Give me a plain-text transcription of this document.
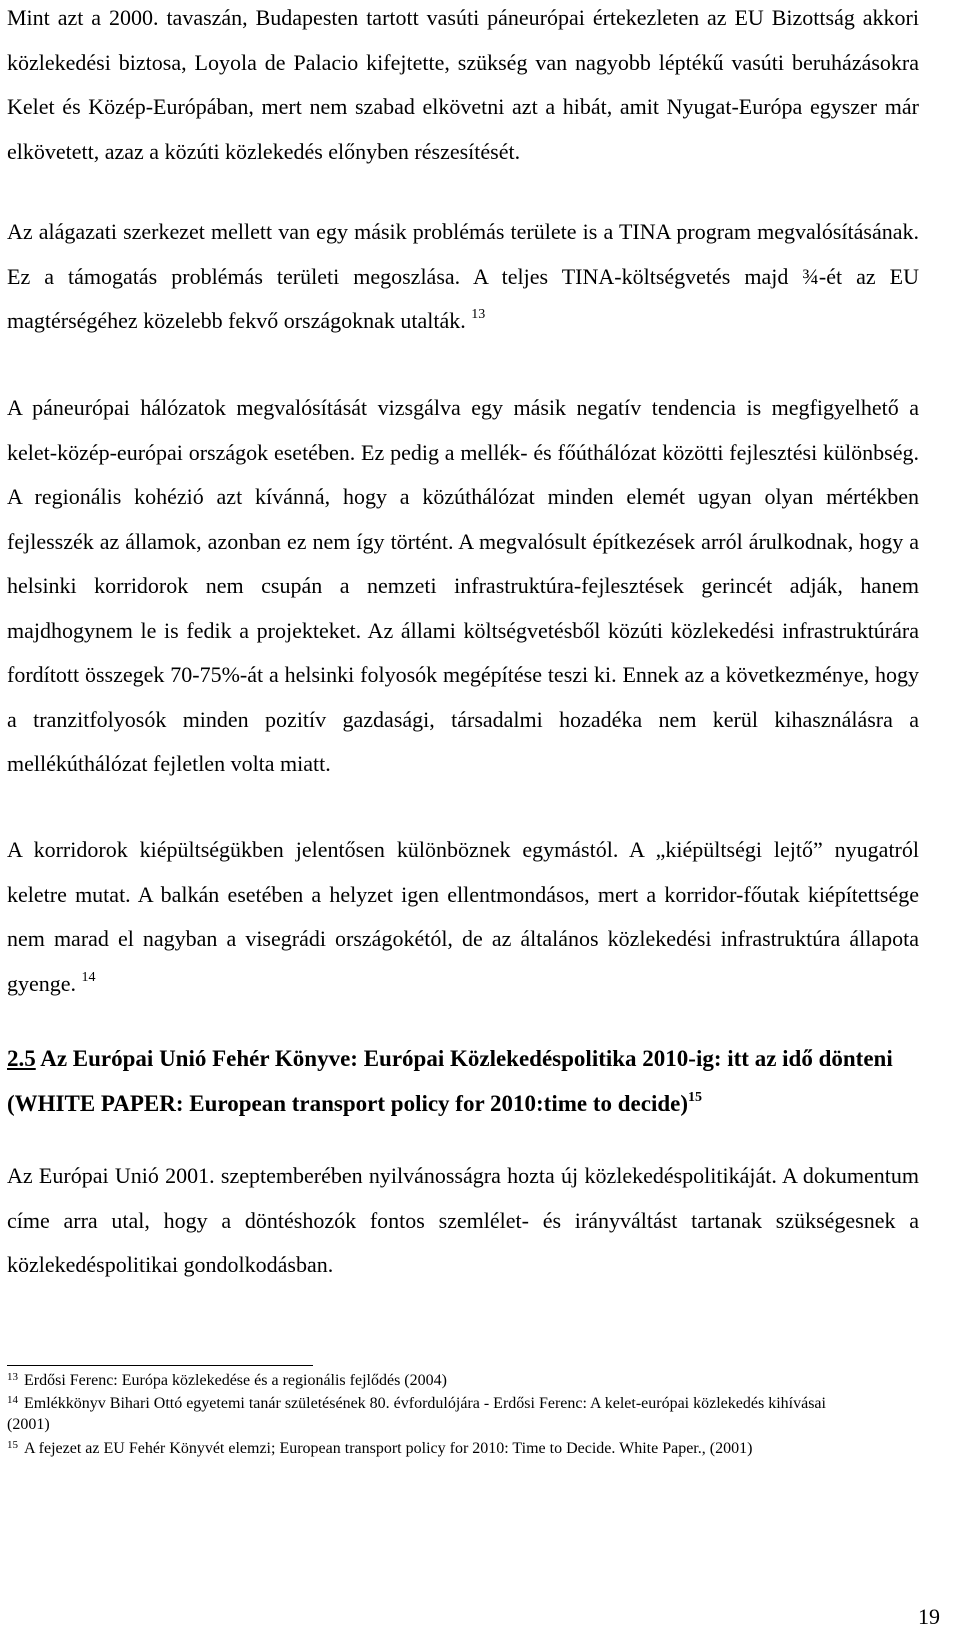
Mint azt a 2000. tavaszán, Budapesten tartott vasúti páneurópai értekezleten az EU Bizottság akkori közlekedési biztosa, Loyola de Palacio kifejtette, szükség van nagyobb léptékű vasúti beruházásokra Kelet és Közép-Európában, mert nem szabad elkövetni azt a hibát, amit Nyugat-Európa egyszer már elkövetett, azaz a közúti közlekedés előnyben részesítését.

Az alágazati szerkezet mellett van egy másik problémás területe is a TINA program megvalósításának. Ez a támogatás problémás területi megoszlása. A teljes TINA-költségvetés majd ¾-ét az EU magtérségéhez közelebb fekvő országoknak utalták. $^{13}$

A páneurópai hálózatok megvalósítását vizsgálva egy másik negatív tendencia is megfigyelhető a kelet-közép-európai országok esetében. Ez pedig a mellék- és főúthálózat közötti fejlesztési különbség. A regionális kohézió azt kívánná, hogy a közúthálózat minden elemét ugyan olyan mértékben fejlesszék az államok, azonban ez nem így történt. A megvalósult építkezések arról árulkodnak, hogy a helsinki korridorok nem csupán a nemzeti infrastruktúra-fejlesztések gerincét adják, hanem majdhogynem le is fedik a projekteket. Az állami költségvetésből közúti közlekedési infrastruktúrára fordított összegek 70-75%-át a helsinki folyosók megépítése teszi ki. Ennek az a következménye, hogy a tranzitfolyosók minden pozitív gazdasági, társadalmi hozadéka nem kerül kihasználásra a mellékúthálózat fejletlen volta miatt.

A korridorok kiépültségükben jelentősen különböznek egymástól. A „kiépültségi lejtő” nyugatról keletre mutat. A balkán esetében a helyzet igen ellentmondásos, mert a korridor-főutak kiépítettsége nem marad el nagyban a visegrádi országokétól, de az általános közlekedési infrastruktúra állapota gyenge. $^{14}$

2.5 Az Európai Unió Fehér Könyve: Európai Közlekedéspolitika 2010-ig: itt az idő dönteni (WHITE PAPER: European transport policy for 2010:time to decide)$^{15}$

Az Európai Unió 2001. szeptemberében nyilvánosságra hozta új közlekedéspolitikáját. A dokumentum címe arra utal, hogy a döntéshozók fontos szemlélet- és irányváltást tartanak szükségesnek a közlekedéspolitikai gondolkodásban.

$^{13}$ Erdősi Ferenc: Európa közlekedése és a regionális fejlődés (2004)

$^{14}$ Emlékkönyv Bihari Ottó egyetemi tanár születésének 80. évfordulójára - Erdősi Ferenc: A kelet-európai közlekedés kihívásai (2001)

$^{15}$ A fejezet az EU Fehér Könyvét elemzi; European transport policy for 2010: Time to Decide. White Paper., (2001)

19
